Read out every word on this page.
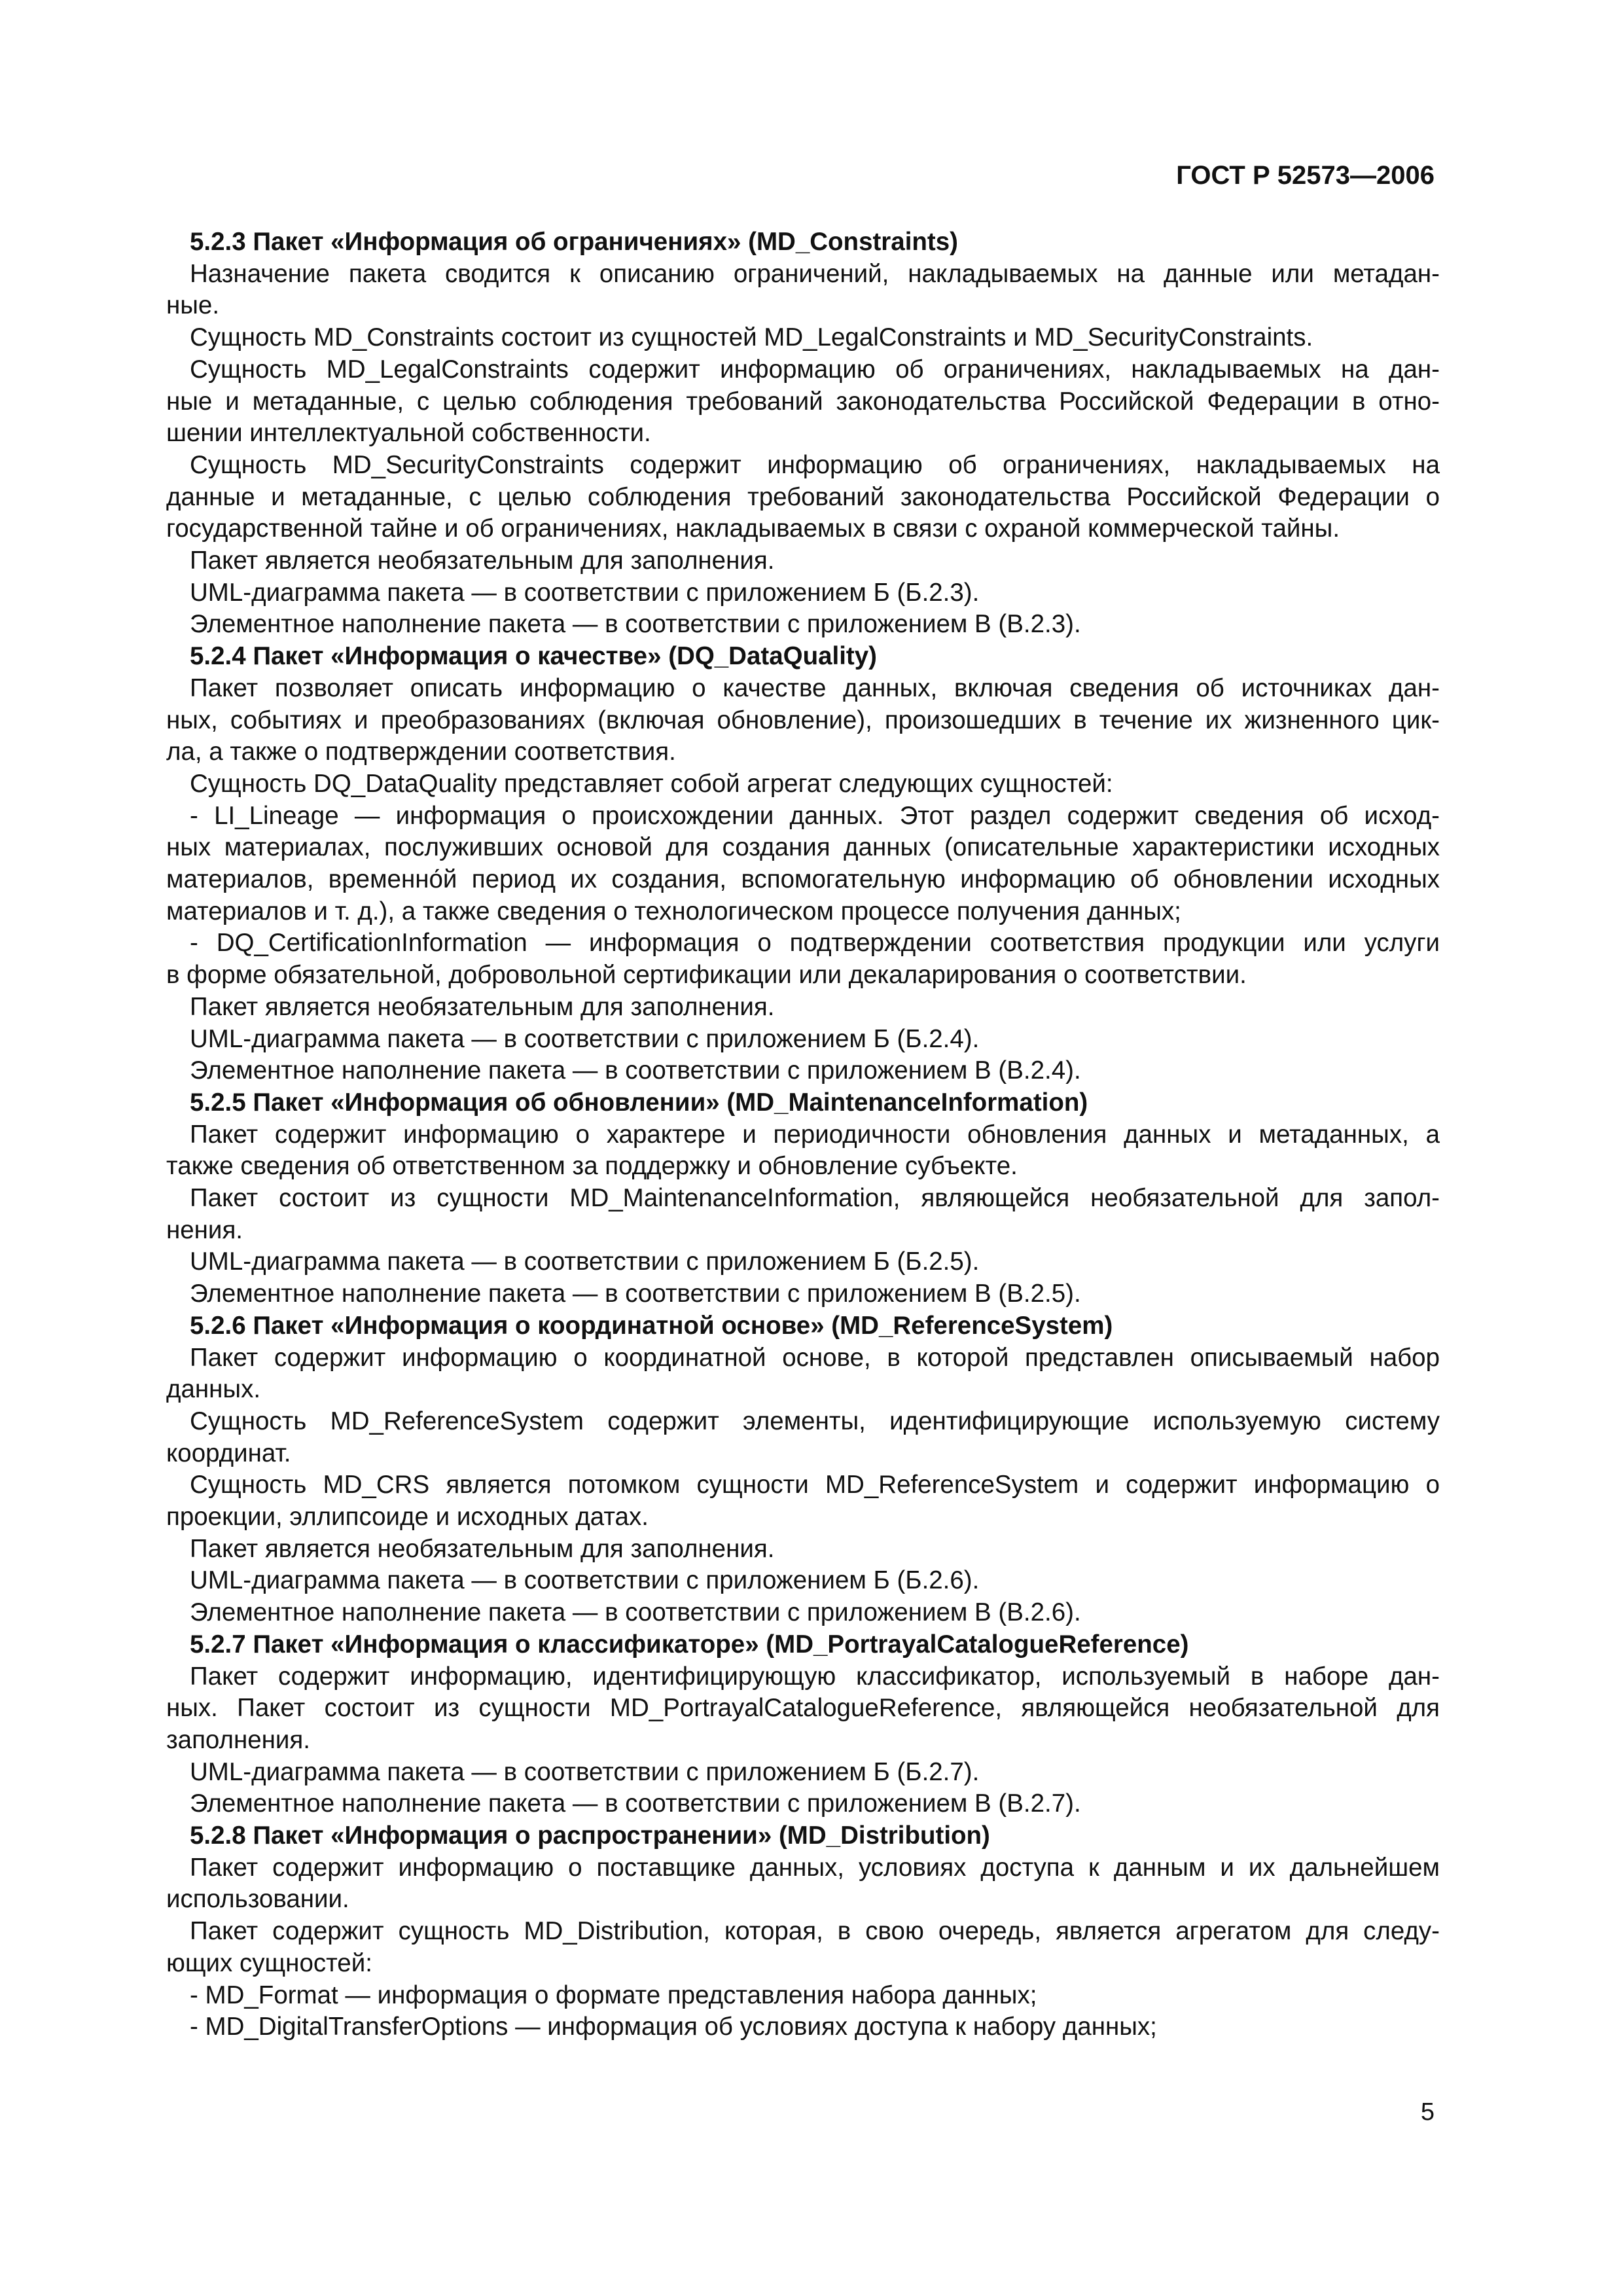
ГОСТ Р 52573—2006
5.2.3 Пакет «Информация об ограничениях» (MD_Constraints)
Назначение пакета сводится к описанию ограничений, накладываемых на данные или метадан-
ные.
Сущность MD_Constraints состоит из сущностей MD_LegalConstraints и MD_SecurityConstraints.
Сущность MD_LegalConstraints содержит информацию об ограничениях, накладываемых на дан-
ные и метаданные, с целью соблюдения требований законодательства Российской Федерации в отно-
шении интеллектуальной собственности.
Сущность MD_SecurityConstraints содержит информацию об ограничениях, накладываемых на
данные и метаданные, с целью соблюдения требований законодательства Российской Федерации о
государственной тайне и об ограничениях, накладываемых в связи с охраной коммерческой тайны.
Пакет является необязательным для заполнения.
UML-диаграмма пакета — в соответствии с приложением Б (Б.2.3).
Элементное наполнение пакета — в соответствии с приложением В (В.2.3).
5.2.4 Пакет «Информация о качестве» (DQ_DataQuality)
Пакет позволяет описать информацию о качестве данных, включая сведения об источниках дан-
ных, событиях и преобразованиях (включая обновление), произошедших в течение их жизненного цик-
ла, а также о подтверждении соответствия.
Сущность DQ_DataQuality представляет собой агрегат следующих сущностей:
- LI_Lineage — информация о происхождении данных. Этот раздел содержит сведения об исход-
ных материалах, послуживших основой для создания данных (описательные характеристики исходных
материалов, временно́й период их создания, вспомогательную информацию об обновлении исходных
материалов и т. д.), а также сведения о технологическом процессе получения данных;
- DQ_CertificationInformation — информация о подтверждении соответствия продукции или услуги
в форме обязательной, добровольной сертификации или декаларирования о соответствии.
Пакет является необязательным для заполнения.
UML-диаграмма пакета — в соответствии с приложением Б (Б.2.4).
Элементное наполнение пакета — в соответствии с приложением В (В.2.4).
5.2.5 Пакет «Информация об обновлении» (MD_MaintenanceInformation)
Пакет содержит информацию о характере и периодичности обновления данных и метаданных, а
также сведения об ответственном за поддержку и обновление субъекте.
Пакет состоит из сущности MD_MaintenanceInformation, являющейся необязательной для запол-
нения.
UML-диаграмма пакета — в соответствии с приложением Б (Б.2.5).
Элементное наполнение пакета — в соответствии с приложением В (В.2.5).
5.2.6 Пакет «Информация о координатной основе» (MD_ReferenceSystem)
Пакет содержит информацию о координатной основе, в которой представлен описываемый набор
данных.
Сущность MD_ReferenceSystem содержит элементы, идентифицирующие используемую систему
координат.
Сущность MD_CRS является потомком сущности MD_ReferenceSystem и содержит информацию о
проекции, эллипсоиде и исходных датах.
Пакет является необязательным для заполнения.
UML-диаграмма пакета — в соответствии с приложением Б (Б.2.6).
Элементное наполнение пакета — в соответствии с приложением В (В.2.6).
5.2.7 Пакет «Информация о классификаторе» (MD_PortrayalCatalogueReference)
Пакет содержит информацию, идентифицирующую классификатор, используемый в наборе дан-
ных. Пакет состоит из сущности MD_PortrayalCatalogueReference, являющейся необязательной для
заполнения.
UML-диаграмма пакета — в соответствии с приложением Б (Б.2.7).
Элементное наполнение пакета — в соответствии с приложением В (В.2.7).
5.2.8 Пакет «Информация о распространении» (MD_Distribution)
Пакет содержит информацию о поставщике данных, условиях доступа к данным и их дальнейшем
использовании.
Пакет содержит сущность MD_Distribution, которая, в свою очередь, является агрегатом для следу-
ющих сущностей:
- MD_Format — информация о формате представления набора данных;
- MD_DigitalTransferOptions — информация об условиях доступа к набору данных;
5
